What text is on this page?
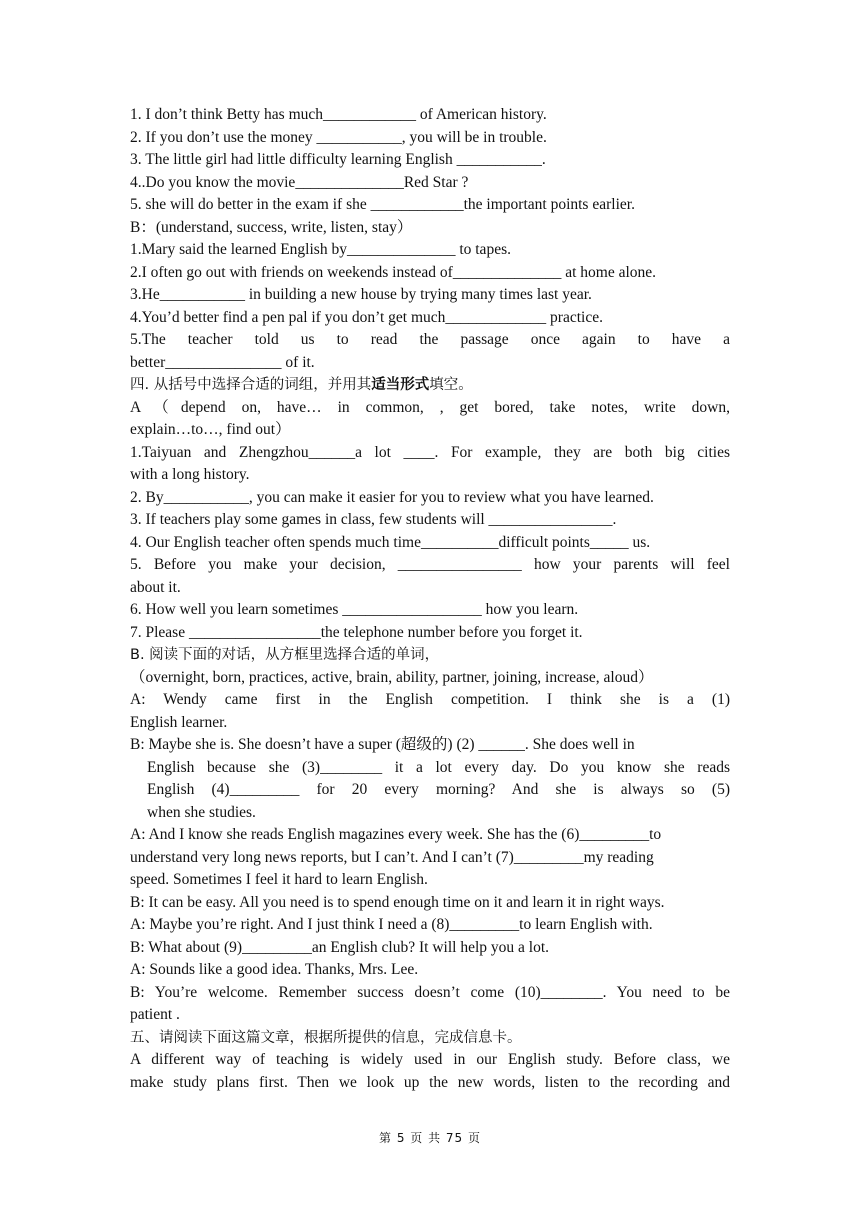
1. I don’t think Betty has much____________ of American history.
2. If you don’t use the money ___________, you will be in trouble.
3. The little girl had little difficulty learning English ___________.
4..Do you know the movie______________Red Star ?
5. she will do better in the exam if she ____________the important points earlier.
B：(understand, success, write, listen, stay）
1.Mary said the learned English by______________ to tapes.
2.I often go out with friends on weekends instead of______________ at home alone.
3.He___________ in building a new house by trying many times last year.
4.You’d better find a pen pal if you don’t get much_____________ practice.
5.The teacher told us to read the passage once again to have a
better_______________ of it.
四. 从括号中选择合适的词组，并用其适当形式填空。
A（depend on, have… in common, , get bored, take notes, write down,
explain…to…, find out）
1.Taiyuan and Zhengzhou______a lot ____. For example, they are both big cities
with a long history.
2. By___________, you can make it easier for you to review what you have learned.
3. If teachers play some games in class, few students will ________________.
4. Our English teacher often spends much time__________difficult points_____ us.
5. Before you make your decision, ________________ how your parents will feel
about it.
6. How well you learn sometimes __________________ how you learn.
7. Please _________________the telephone number before you forget it.
B. 阅读下面的对话，从方框里选择合适的单词，
（overnight, born, practices, active, brain, ability, partner, joining, increase, aloud）
A: Wendy came first in the English competition. I think she is a (1)
English learner.
B: Maybe she is. She doesn’t have a super (超级的) (2) ______. She does well in
English because she (3)________ it a lot every day. Do you know she reads
English (4)_________ for 20 every morning? And she is always so (5)
when she studies.
A: And I know she reads English magazines every week. She has the (6)_________to
understand very long news reports, but I can’t. And I can’t (7)_________my reading
speed. Sometimes I feel it hard to learn English.
B: It can be easy. All you need is to spend enough time on it and learn it in right ways.
A: Maybe you’re right. And I just think I need a (8)_________to learn English with.
B: What about (9)_________an English club? It will help you a lot.
A: Sounds like a good idea. Thanks, Mrs. Lee.
B: You’re welcome. Remember success doesn’t come (10)________. You need to be
patient .
五、请阅读下面这篇文章，根据所提供的信息，完成信息卡。
A different way of teaching is widely used in our English study. Before class, we
make study plans first. Then we look up the new words, listen to the recording and
第 5 页 共 75 页
